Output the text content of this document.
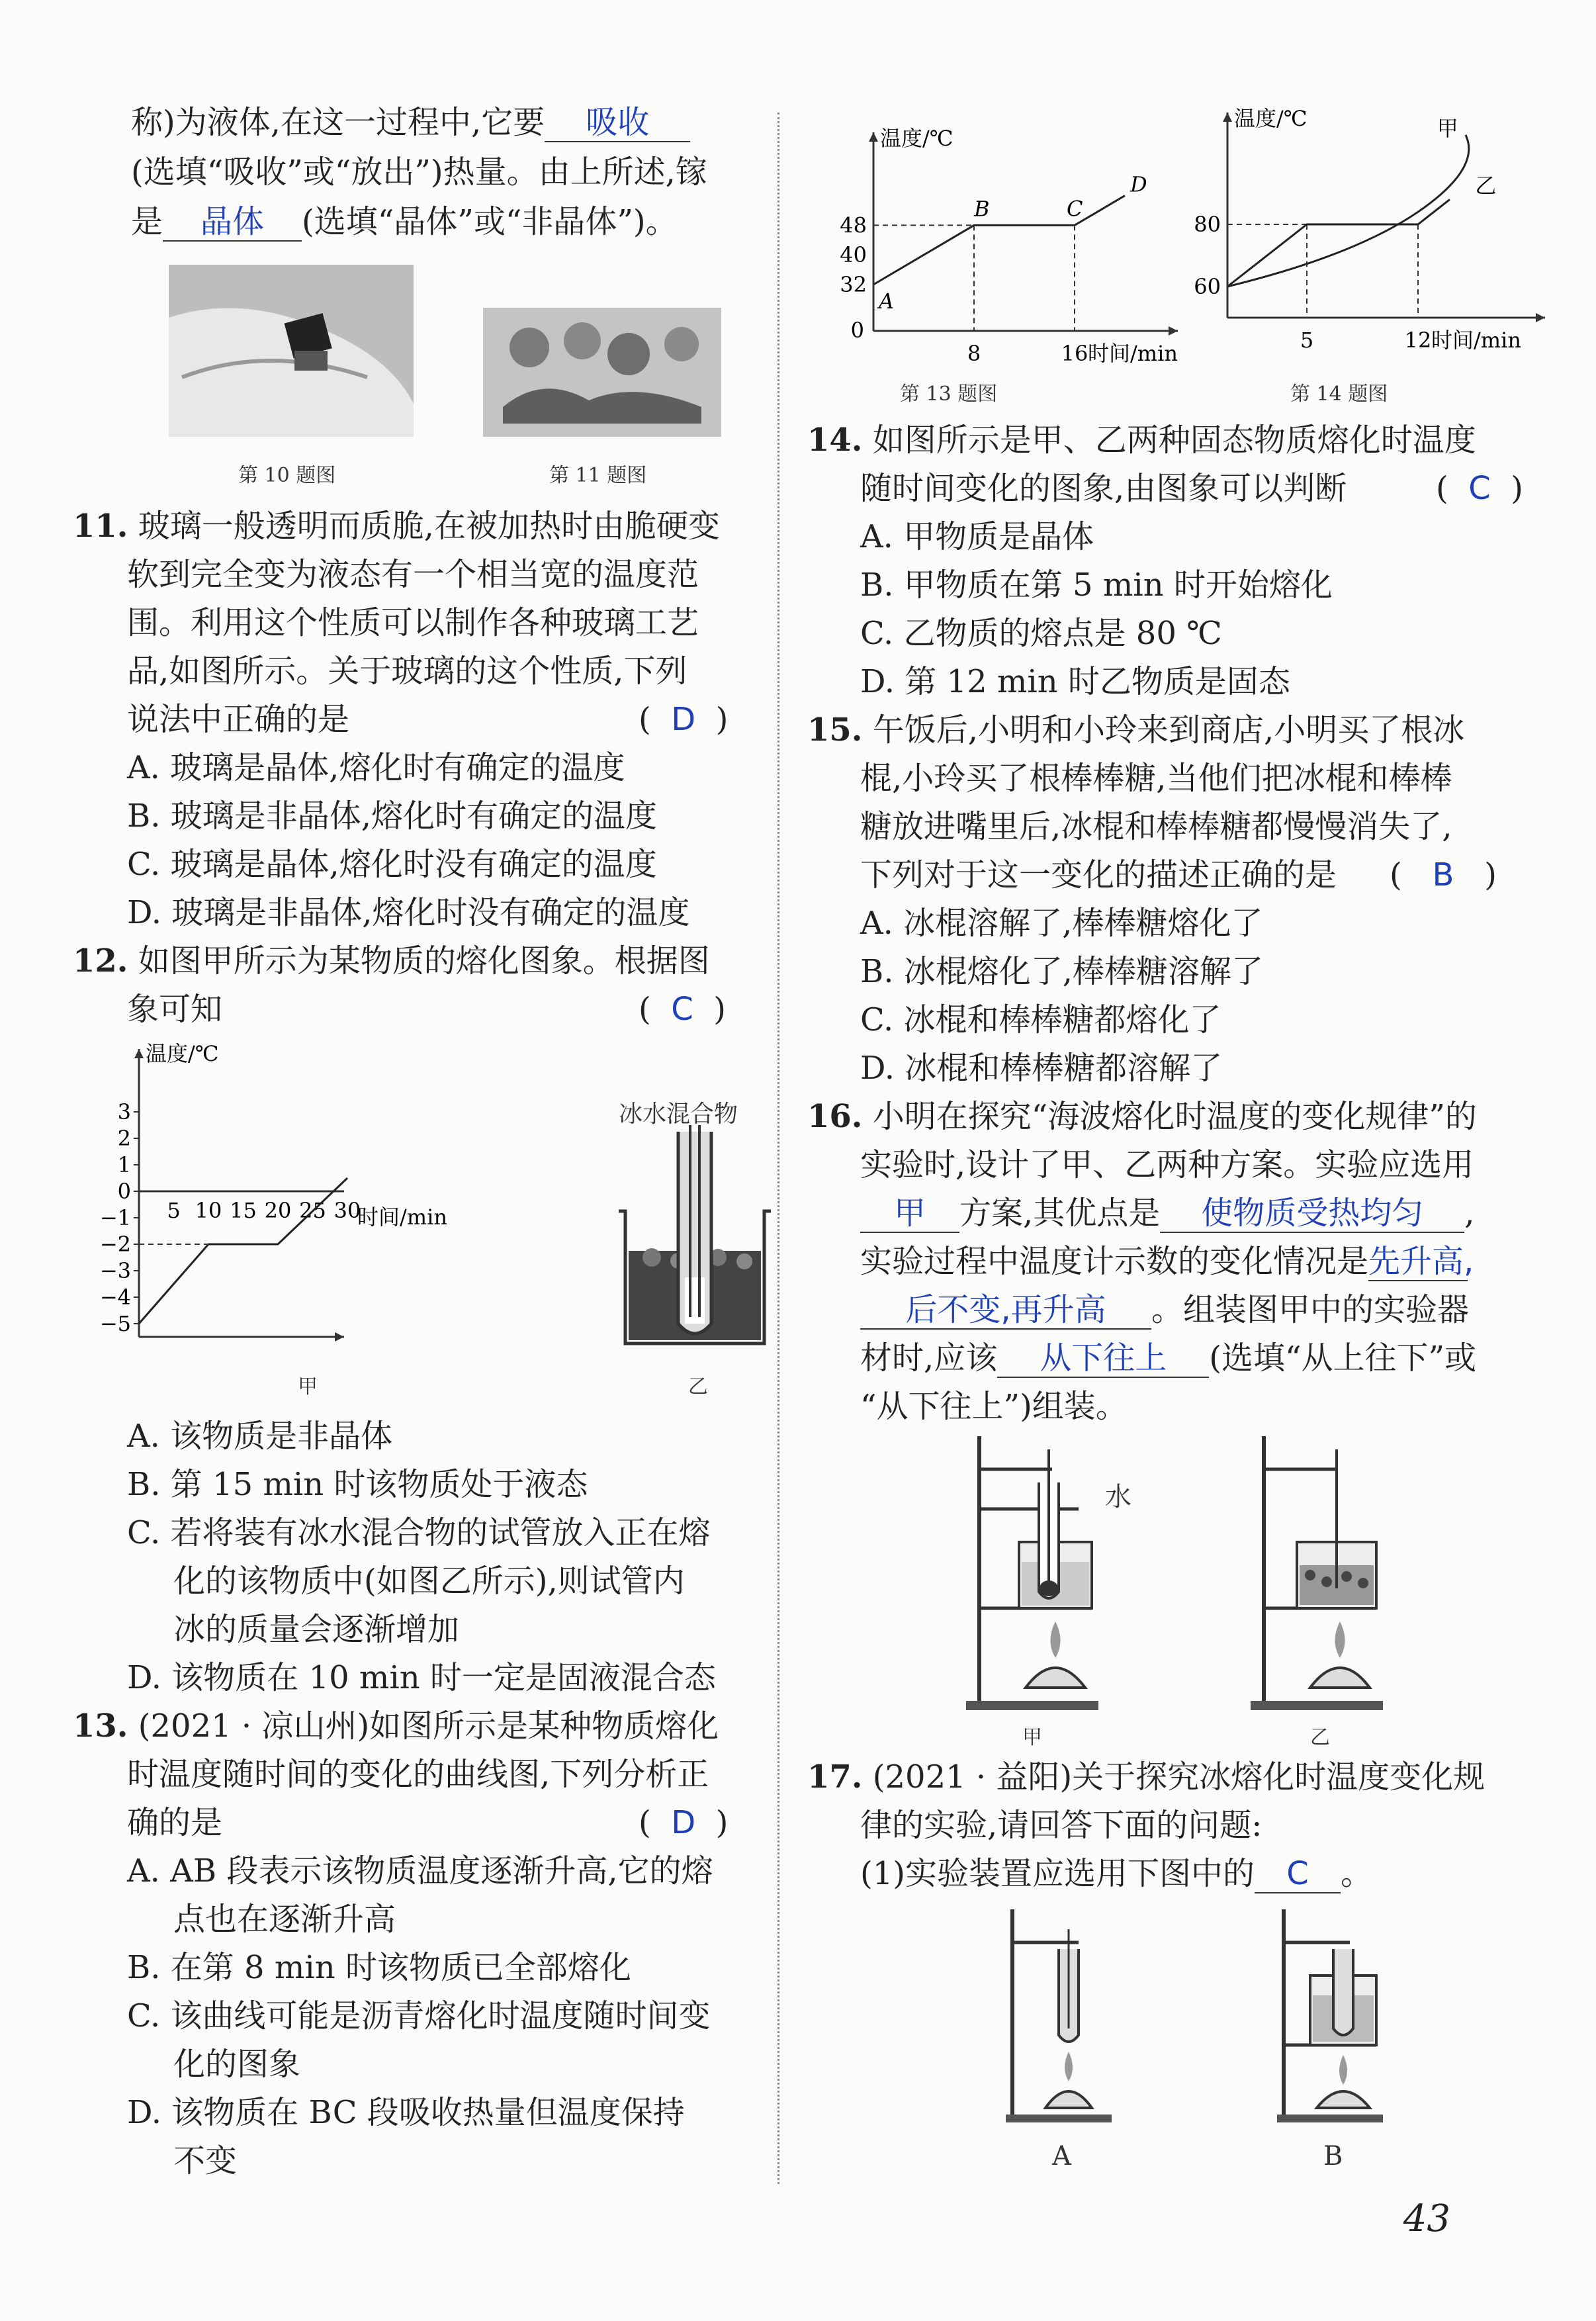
称)为液体,在这一过程中,它要 吸收
(选填“吸收”或“放出”)热量。由上所述,镓
是 晶体 (选填“晶体”或“非晶体”)。
第 10 题图	第 11 题图
11. 玻璃一般透明而质脆,在被加热时由脆硬变
软到完全变为液态有一个相当宽的温度范
围。利用这个性质可以制作各种玻璃工艺
品,如图所示。关于玻璃的这个性质,下列
说法中正确的是	(  D  )
A. 玻璃是晶体,熔化时有确定的温度
B. 玻璃是非晶体,熔化时有确定的温度
C. 玻璃是晶体,熔化时没有确定的温度
D. 玻璃是非晶体,熔化时没有确定的温度
12. 如图甲所示为某物质的熔化图象。根据图
象可知	(  C  )
温度/℃
时间/min
3
2
1
0
−1
−2
−3
−4
−5
5 10 15 20 25 30
甲
冰水混合物
乙
A. 该物质是非晶体
B. 第 15 min 时该物质处于液态
C. 若将装有冰水混合物的试管放入正在熔
化的该物质中(如图乙所示),则试管内
冰的质量会逐渐增加
D. 该物质在 10 min 时一定是固液混合态
13. (2021 · 凉山州)如图所示是某种物质熔化
时温度随时间的变化的曲线图,下列分析正
确的是	(  D  )
A. AB 段表示该物质温度逐渐升高,它的熔
点也在逐渐升高
B. 在第 8 min 时该物质已全部熔化
C. 该曲线可能是沥青熔化时温度随时间变
化的图象
D. 该物质在 BC 段吸收热量但温度保持
不变
温度/℃
时间/min
0
32
40
48
8	16
A
B	C
D
第 13 题图
温度/℃
时间/min
60
80
5	12
甲
乙
第 14 题图
14. 如图所示是甲、乙两种固态物质熔化时温度
随时间变化的图象,由图象可以判断	(  C  )
A. 甲物质是晶体
B. 甲物质在第 5 min 时开始熔化
C. 乙物质的熔点是 80 ℃
D. 第 12 min 时乙物质是固态
15. 午饭后,小明和小玲来到商店,小明买了根冰
棍,小玲买了根棒棒糖,当他们把冰棍和棒棒
糖放进嘴里后,冰棍和棒棒糖都慢慢消失了,
下列对于这一变化的描述正确的是 (   B   )
A. 冰棍溶解了,棒棒糖熔化了
B. 冰棍熔化了,棒棒糖溶解了
C. 冰棍和棒棒糖都熔化了
D. 冰棍和棒棒糖都溶解了
16. 小明在探究“海波熔化时温度的变化规律”的
实验时,设计了甲、乙两种方案。实验应选用
甲 方案,其优点是 使物质受热均匀 ,
实验过程中温度计示数的变化情况是先升高,
后不变,再升高 。组装图甲中的实验器
材时,应该 从下往上 (选填“从上往下”或
“从下往上”)组装。
水
甲	乙
17. (2021 · 益阳)关于探究冰熔化时温度变化规
律的实验,请回答下面的问题:
(1)实验装置应选用下图中的 C 。
A	B
43
